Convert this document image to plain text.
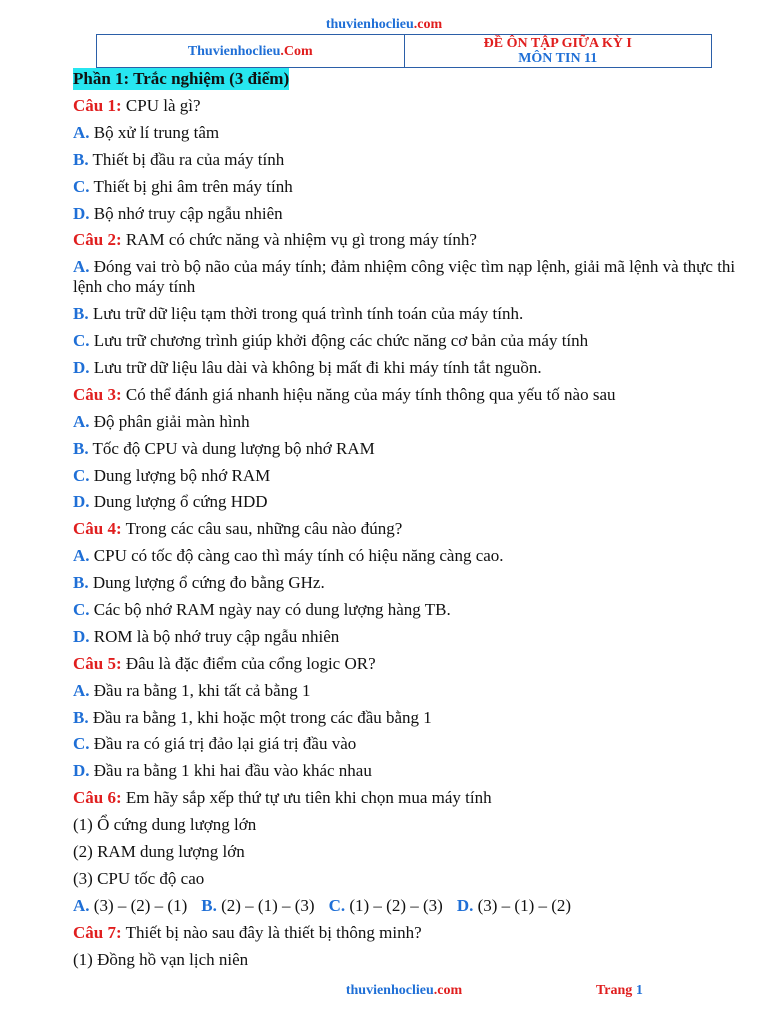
thuvienhoclieu.com
Thuvienhoclieu.Com	ĐỀ ÔN TẬP GIỮA KỲ I
MÔN TIN 11
Phần 1: Trắc nghiệm (3 điểm)

Câu 1: CPU là gì?

A. Bộ xử lí trung tâm

B. Thiết bị đầu ra của máy tính

C. Thiết bị ghi âm trên máy tính

D. Bộ nhớ truy cập ngẫu nhiên

Câu 2: RAM có chức năng và nhiệm vụ gì trong máy tính?

A. Đóng vai trò bộ não của máy tính; đảm nhiệm công việc tìm nạp lệnh, giải mã lệnh và thực thi lệnh cho máy tính

B. Lưu trữ dữ liệu tạm thời trong quá trình tính toán của máy tính.

C. Lưu trữ chương trình giúp khởi động các chức năng cơ bản của máy tính

D. Lưu trữ dữ liệu lâu dài và không bị mất đi khi máy tính tắt nguồn.

Câu 3: Có thể đánh giá nhanh hiệu năng của máy tính thông qua yếu tố nào sau

A. Độ phân giải màn hình

B. Tốc độ CPU và dung lượng bộ nhớ RAM

C. Dung lượng bộ nhớ RAM

D. Dung lượng ổ cứng HDD

Câu 4: Trong các câu sau, những câu nào đúng?

A. CPU có tốc độ càng cao thì máy tính có hiệu năng càng cao.

B. Dung lượng ổ cứng đo bằng GHz.

C. Các bộ nhớ RAM ngày nay có dung lượng hàng TB.

D. ROM là bộ nhớ truy cập ngẫu nhiên

Câu 5: Đâu là đặc điểm của cổng logic OR?

A. Đầu ra bằng 1, khi tất cả bằng 1

B. Đầu ra bằng 1, khi hoặc một trong các đầu bằng 1

C. Đầu ra có giá trị đảo lại giá trị đầu vào

D. Đầu ra bằng 1 khi hai đầu vào khác nhau

Câu 6: Em hãy sắp xếp thứ tự ưu tiên khi chọn mua máy tính

(1) Ổ cứng dung lượng lớn

(2) RAM dung lượng lớn

(3) CPU tốc độ cao

A. (3) – (2) – (1) B. (2) – (1) – (3) C. (1) – (2) – (3) D. (3) – (1) – (2)

Câu 7: Thiết bị nào sau đây là thiết bị thông minh?

(1) Đồng hồ vạn lịch niên

thuvienhoclieu.com	Trang 1
